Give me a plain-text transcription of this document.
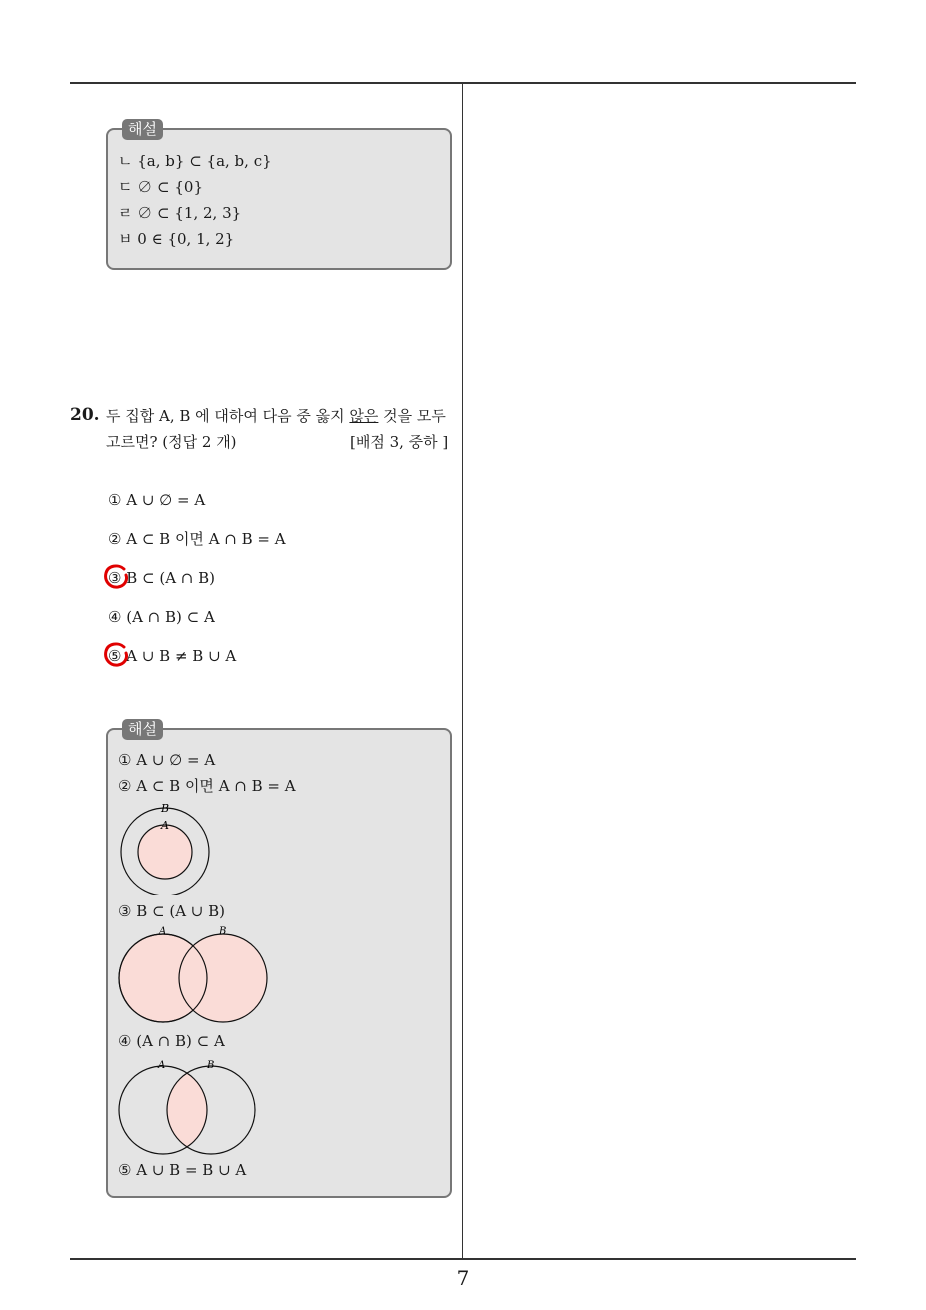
7
해설
ㄴ {a, b} ⊂ {a, b, c}
ㄷ ∅ ⊂ {0}
ㄹ ∅ ⊂ {1, 2, 3}
ㅂ 0 ∈ {0, 1, 2}
20. 두 집합 A, B 에 대하여 다음 중 옳지 않은 것을 모두
고르면? (정답 2 개)	[배점 3, 중하 ]
① A ∪ ∅ = A
② A ⊂ B 이면 A ∩ B = A
③ B ⊂ (A ∩ B)
④ (A ∩ B) ⊂ A
⑤ A ∪ B ≠ B ∪ A
해설
① A ∪ ∅ = A
② A ⊂ B 이면 A ∩ B = A
B
A
③ B ⊂ (A ∪ B)
A	B
④ (A ∩ B) ⊂ A
A	B
⑤ A ∪ B = B ∪ A
